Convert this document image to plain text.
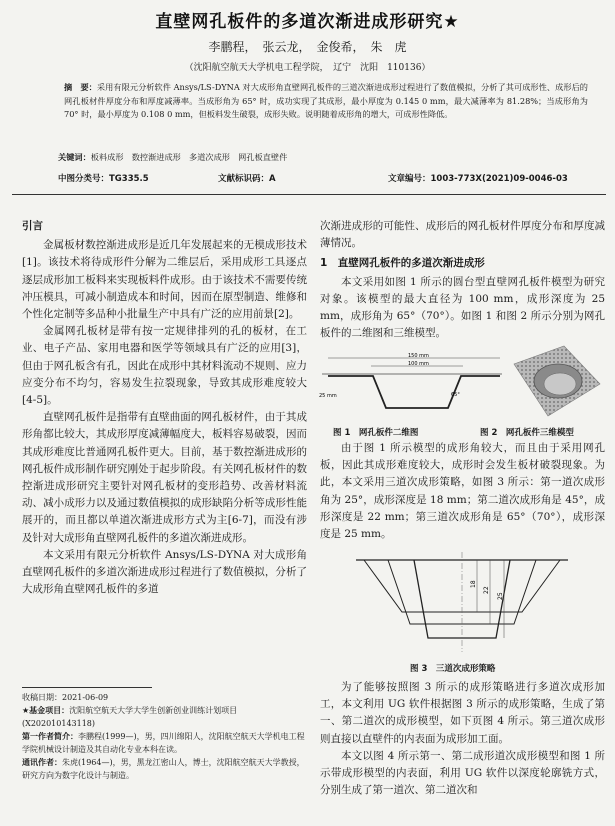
直壁网孔板件的多道次渐进成形研究★
李鹏程，　张云龙，　金俊希，　朱　虎
（沈阳航空航天大学机电工程学院，　辽宁　沈阳　110136）
摘　要：采用有限元分析软件 Ansys/LS-DYNA 对大成形角直壁网孔板件的三道次渐进成形过程进行了数值模拟，分析了其可成形性、成形后的网孔板材件厚度分布和厚度减薄率。当成形角为 65° 时，成功实现了其成形，最小厚度为 0.145 0 mm，最大减薄率为 81.28%；当成形角为 70° 时，最小厚度为 0.108 0 mm，但板料发生破裂，成形失败。说明随着成形角的增大，可成形性降低。
关键词：板料成形　数控渐进成形　多道次成形　网孔板直壁件
中图分类号：TG335.5	文献标识码：A	文章编号：1003-773X(2021)09-0046-03
引言

金属板材数控渐进成形是近几年发展起来的无模成形技术[1]。该技术将待成形件分解为二维层后，采用成形工具逐点逐层成形加工板料来实现板料件成形。由于该技术不需要传统冲压模具，可减小制造成本和时间，因而在原型制造、维修和个性化定制等多品种小批量生产中具有广泛的应用前景[2]。

金属网孔板材是带有按一定规律排列的孔的板材，在工业、电子产品、家用电器和医学等领域具有广泛的应用[3]，但由于网孔板含有孔，因此在成形中其材料流动不规则、应力应变分布不均匀，容易发生拉裂现象，导致其成形难度较大[4-5]。

直壁网孔板件是指带有直壁曲面的网孔板材件，由于其成形角都比较大，其成形厚度减薄幅度大，板料容易破裂，因而其成形难度比普通网孔板件更大。目前，基于数控渐进成形的网孔板件成形制作研究刚处于起步阶段。有关网孔板材件的数控渐进成形研究主要针对网孔板材的变形趋势、改善材料流动、减小成形力以及通过数值模拟的成形缺陷分析等成形性能展开的，而且都以单道次渐进成形方式为主[6-7]，而没有涉及针对大成形角直壁网孔板件的多道次渐进成形。

本文采用有限元分析软件 Ansys/LS-DYNA 对大成形角直壁网孔板件的多道次渐进成形过程进行了数值模拟，分析了大成形角直壁网孔板件的多道

收稿日期：2021-06-09
★基金项目：沈阳航空航天大学大学生创新创业训练计划项目(X202010143118)
第一作者简介：李鹏程(1999—)，男，四川绵阳人，沈阳航空航天大学机电工程学院机械设计制造及其自动化专业本科在读。
通讯作者：朱虎(1964—)，男，黑龙江密山人，博士，沈阳航空航天大学教授，研究方向为数字化设计与制造。
次渐进成形的可能性、成形后的网孔板材件厚度分布和厚度减薄情况。
1　直壁网孔板件的多道次渐进成形

本文采用如图 1 所示的圆台型直壁网孔板件模型为研究对象。该模型的最大直径为 100 mm，成形深度为 25 mm，成形角为 65°（70°）。如图 1 和图 2 所示分别为网孔板件的二维图和三维模型。

150 mm
100 mm
25 mm	65°
图 1　网孔板件二维图	图 2　网孔板件三维模型

由于图 1 所示模型的成形角较大，而且由于采用网孔板，因此其成形难度较大，成形时会发生板材破裂现象。为此，本文采用三道次成形策略，如图 3 所示：第一道次成形角为 25°，成形深度是 18 mm；第二道次成形角是 45°，成形深度是 22 mm；第三道次成形角是 65°（70°），成形深度是 25 mm。

18
22
25
图 3　三道次成形策略

为了能够按照图 3 所示的成形策略进行多道次成形加工，本文利用 UG 软件根据图 3 所示的成形策略，生成了第一、第二道次的成形模型，如下页图 4 所示。第三道次成形则直接以直壁件的内表面为成形加工面。

本文以图 4 所示第一、第二成形道次成形模型和图 1 所示带成形模型的内表面，利用 UG 软件以深度轮廓铣方式，分别生成了第一道次、第二道次和
